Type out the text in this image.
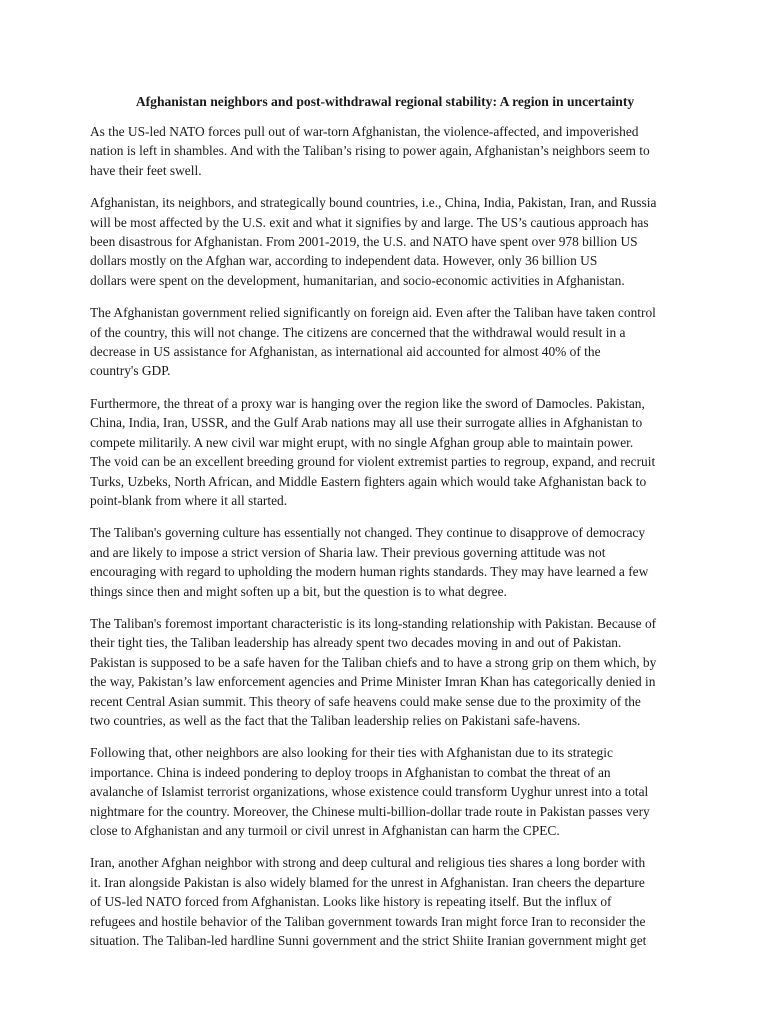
Afghanistan neighbors and post-withdrawal regional stability: A region in uncertainty
As the US-led NATO forces pull out of war-torn Afghanistan, the violence-affected, and impoverished
nation is left in shambles. And with the Taliban’s rising to power again, Afghanistan’s neighbors seem to
have their feet swell.
Afghanistan, its neighbors, and strategically bound countries, i.e., China, India, Pakistan, Iran, and Russia
will be most affected by the U.S. exit and what it signifies by and large. The US’s cautious approach has
been disastrous for Afghanistan. From 2001-2019, the U.S. and NATO have spent over 978 billion US
dollars mostly on the Afghan war, according to independent data. However, only 36 billion US
dollars were spent on the development, humanitarian, and socio-economic activities in Afghanistan.
The Afghanistan government relied significantly on foreign aid. Even after the Taliban have taken control
of the country, this will not change. The citizens are concerned that the withdrawal would result in a
decrease in US assistance for Afghanistan, as international aid accounted for almost 40% of the
country's GDP.
Furthermore, the threat of a proxy war is hanging over the region like the sword of Damocles. Pakistan,
China, India, Iran, USSR, and the Gulf Arab nations may all use their surrogate allies in Afghanistan to
compete militarily. A new civil war might erupt, with no single Afghan group able to maintain power.
The void can be an excellent breeding ground for violent extremist parties to regroup, expand, and recruit
Turks, Uzbeks, North African, and Middle Eastern fighters again which would take Afghanistan back to
point-blank from where it all started.
The Taliban's governing culture has essentially not changed. They continue to disapprove of democracy
and are likely to impose a strict version of Sharia law. Their previous governing attitude was not
encouraging with regard to upholding the modern human rights standards. They may have learned a few
things since then and might soften up a bit, but the question is to what degree.
The Taliban's foremost important characteristic is its long-standing relationship with Pakistan. Because of
their tight ties, the Taliban leadership has already spent two decades moving in and out of Pakistan.
Pakistan is supposed to be a safe haven for the Taliban chiefs and to have a strong grip on them which, by
the way, Pakistan’s law enforcement agencies and Prime Minister Imran Khan has categorically denied in
recent Central Asian summit. This theory of safe heavens could make sense due to the proximity of the
two countries, as well as the fact that the Taliban leadership relies on Pakistani safe-havens.
Following that, other neighbors are also looking for their ties with Afghanistan due to its strategic
importance. China is indeed pondering to deploy troops in Afghanistan to combat the threat of an
avalanche of Islamist terrorist organizations, whose existence could transform Uyghur unrest into a total
nightmare for the country. Moreover, the Chinese multi-billion-dollar trade route in Pakistan passes very
close to Afghanistan and any turmoil or civil unrest in Afghanistan can harm the CPEC.
Iran, another Afghan neighbor with strong and deep cultural and religious ties shares a long border with
it. Iran alongside Pakistan is also widely blamed for the unrest in Afghanistan. Iran cheers the departure
of US-led NATO forced from Afghanistan. Looks like history is repeating itself. But the influx of
refugees and hostile behavior of the Taliban government towards Iran might force Iran to reconsider the
situation. The Taliban-led hardline Sunni government and the strict Shiite Iranian government might get
